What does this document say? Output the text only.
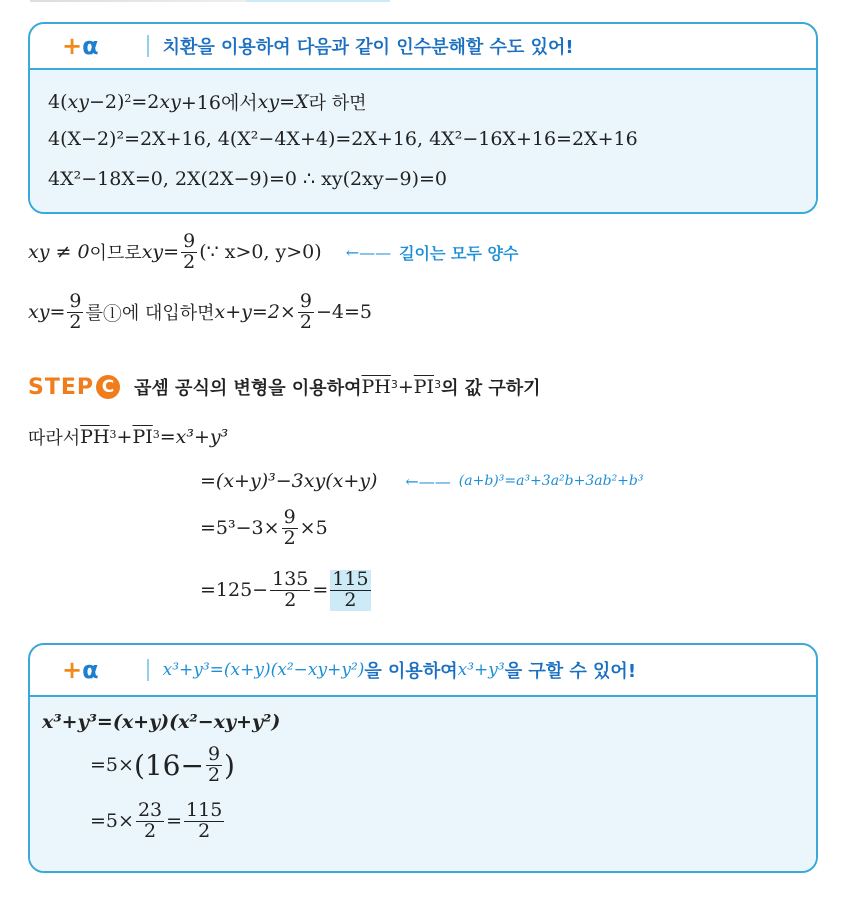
+α	치환을 이용하여 다음과 같이 인수분해할 수도 있어!
4( xy −2)$^2$ =2 xy +16에서 xy = X 라 하면
4(X−2)²=2X+16, 4(X²−4X+4)=2X+16, 4X²−16X+16=2X+16
4X²−18X=0, 2X(2X−9)=0 ∴ xy(2xy−9)=0
xy ≠ 0 이므로 xy = $\frac{9}{2}$ (∵ x>0, y>0) ←—— 길이는 모두 양수
xy = $\frac{9}{2}$ 를 ⓛ 에 대입하면 $x+y=2\times \frac{9}{2} -4=5$
STEP C	곱셈 공식의 변형을 이용하여 $\overline{PH}^3 + \overline{PI}^3$ 의 값 구하기
따라서 $\overline{PH}^3 + \overline{PI}^3 =x^3+y^3$
=(x+y)³−3xy(x+y) ←—— (a+b)³=a³+3a²b+3ab²+b³
$=5^3-3\times \frac{9}{2} \times 5$
$=125- \frac{135}{2} = \frac{115}{2}$
+α	x³+y³=(x+y)(x²−xy+y²) 을 이용하여 x³+y³ 을 구할 수 있어!
x³+y³=(x+y)(x²−xy+y²)
$=5\times (16- \frac{9}{2}$ )
$=5\times \frac{23}{2} = \frac{115}{2}$
